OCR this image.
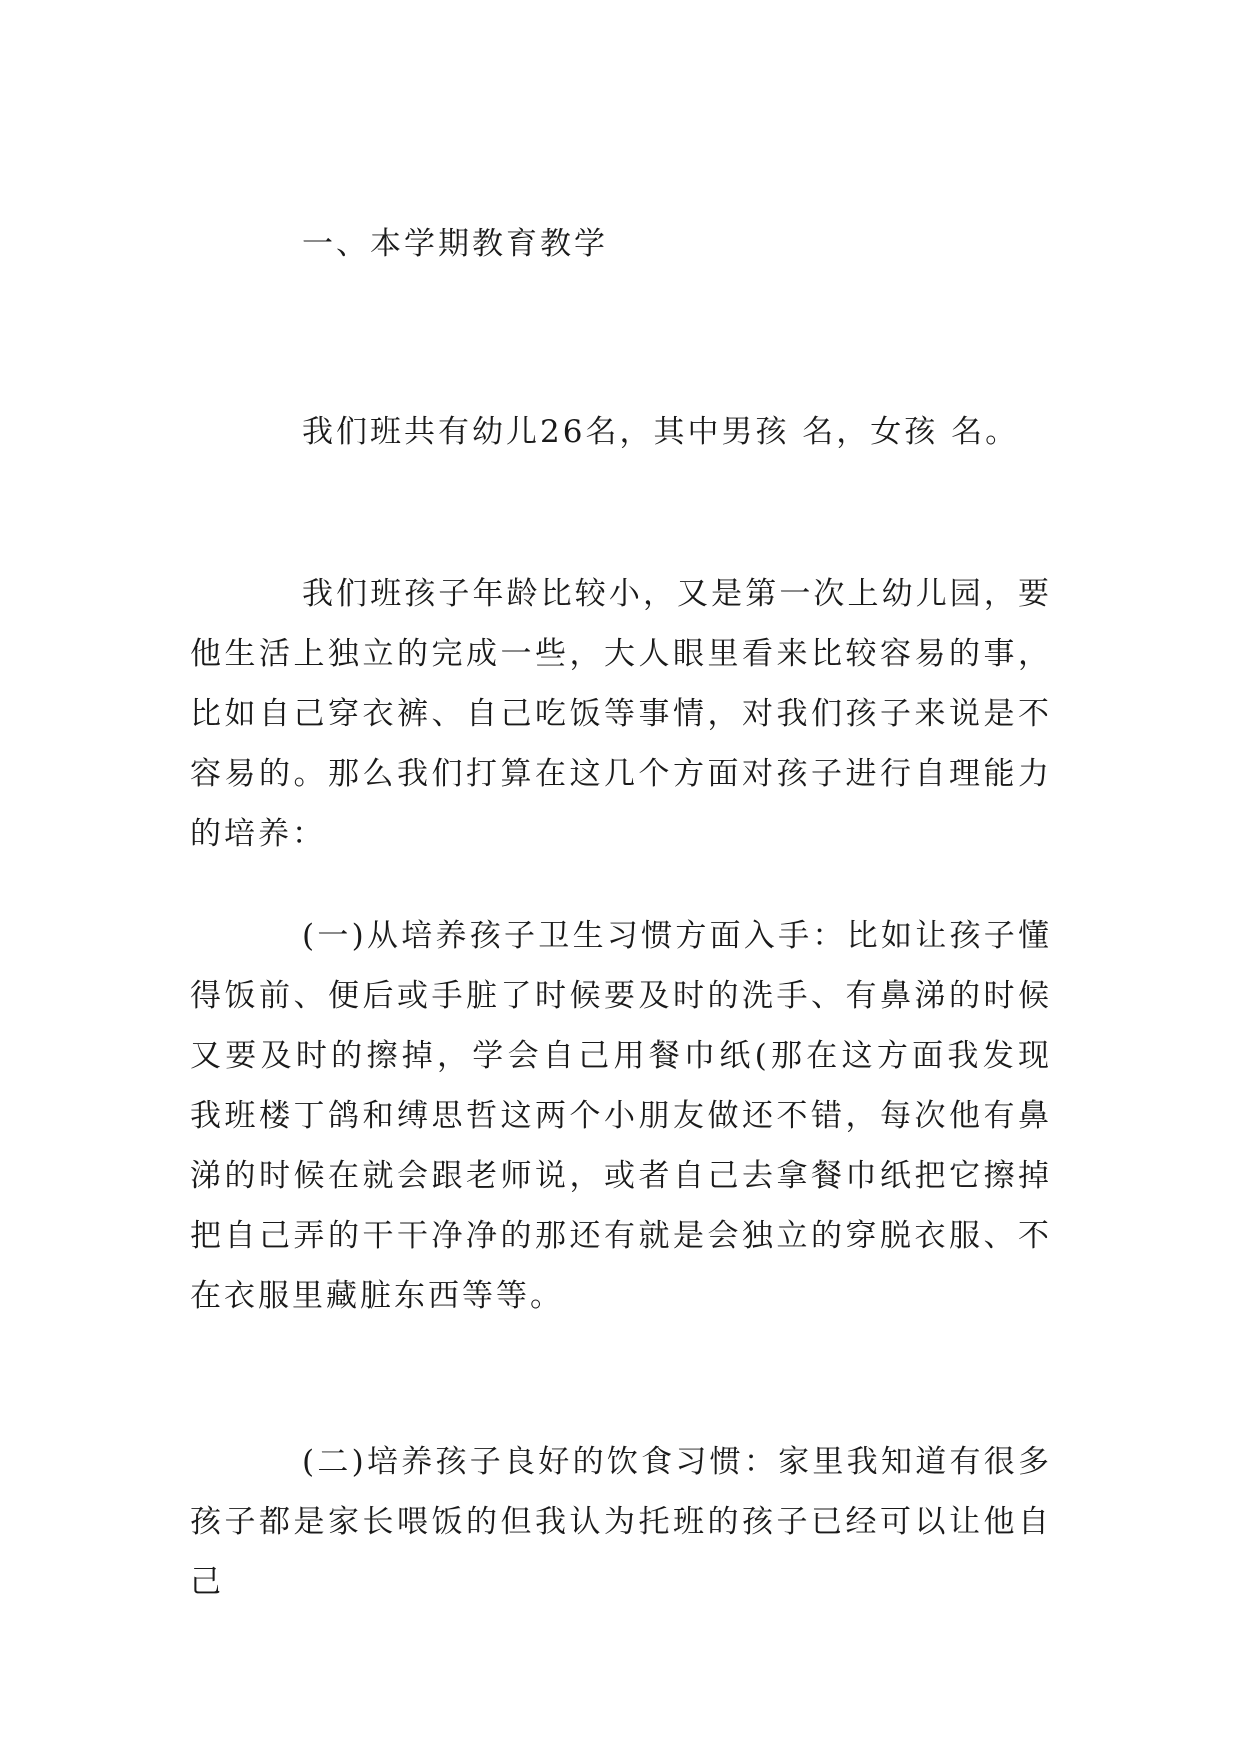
一、本学期教育教学

我们班共有幼儿26名，其中男孩 名，女孩 名。

我们班孩子年龄比较小，又是第一次上幼儿园，要他生活上独立的完成一些，大人眼里看来比较容易的事，比如自己穿衣裤、自己吃饭等事情，对我们孩子来说是不容易的。那么我们打算在这几个方面对孩子进行自理能力的培养：

(一)从培养孩子卫生习惯方面入手：比如让孩子懂得饭前、便后或手脏了时候要及时的洗手、有鼻涕的时候又要及时的擦掉，学会自己用餐巾纸(那在这方面我发现我班楼丁鸽和缚思哲这两个小朋友做还不错，每次他有鼻涕的时候在就会跟老师说，或者自己去拿餐巾纸把它擦掉把自己弄的干干净净的那还有就是会独立的穿脱衣服、不在衣服里藏脏东西等等。

(二)培养孩子良好的饮食习惯：家里我知道有很多孩子都是家长喂饭的但我认为托班的孩子已经可以让他自己
